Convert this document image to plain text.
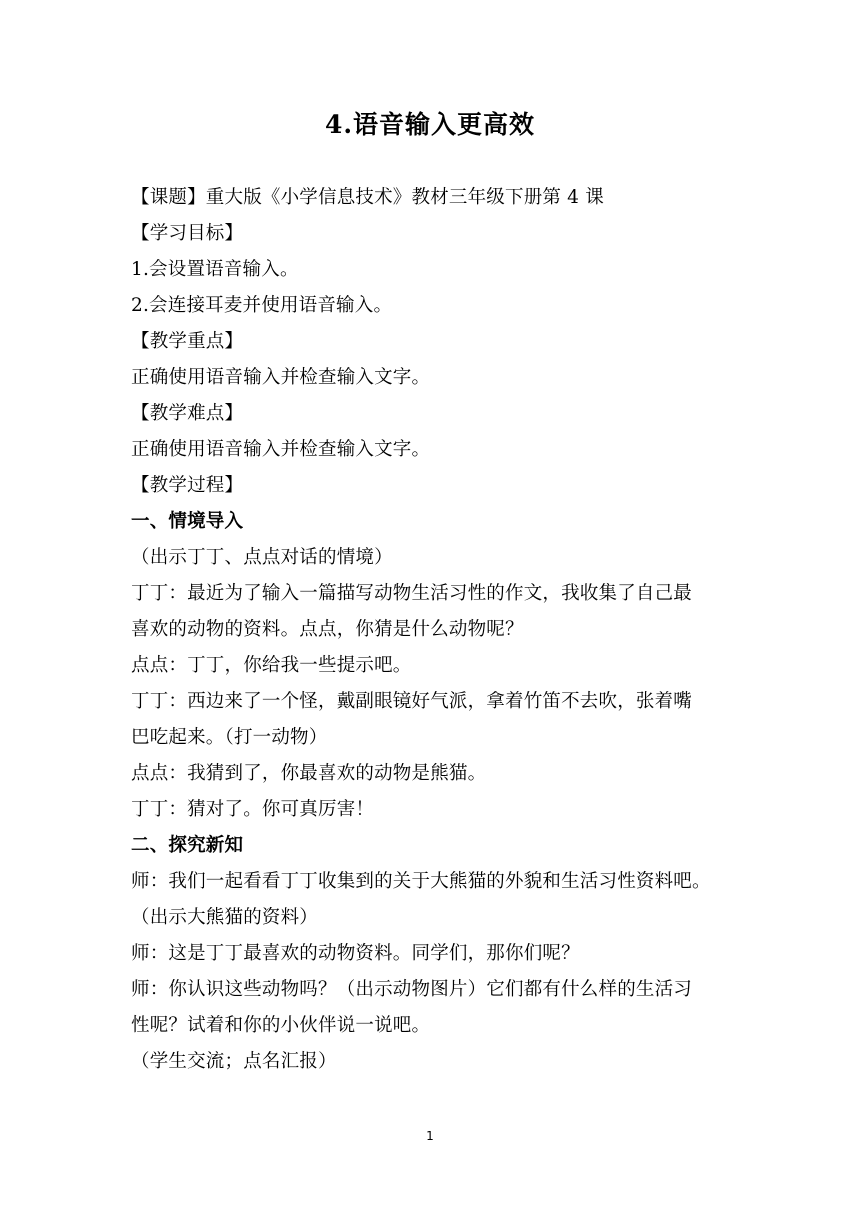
4.语音输入更高效
【课题】重大版《小学信息技术》教材三年级下册第 4 课
【学习目标】
1.会设置语音输入。
2.会连接耳麦并使用语音输入。
【教学重点】
正确使用语音输入并检查输入文字。
【教学难点】
正确使用语音输入并检查输入文字。
【教学过程】
一、情境导入
（出示丁丁、点点对话的情境）
丁丁：最近为了输入一篇描写动物生活习性的作文，我收集了自己最
喜欢的动物的资料。点点，你猜是什么动物呢？
点点：丁丁，你给我一些提示吧。
丁丁：西边来了一个怪，戴副眼镜好气派，拿着竹笛不去吹，张着嘴
巴吃起来。（打一动物）
点点：我猜到了，你最喜欢的动物是熊猫。
丁丁：猜对了。你可真厉害！
二、探究新知
师：我们一起看看丁丁收集到的关于大熊猫的外貌和生活习性资料吧。
（出示大熊猫的资料）
师：这是丁丁最喜欢的动物资料。同学们，那你们呢？
师：你认识这些动物吗？（出示动物图片）它们都有什么样的生活习
性呢？试着和你的小伙伴说一说吧。
（学生交流；点名汇报）
1
